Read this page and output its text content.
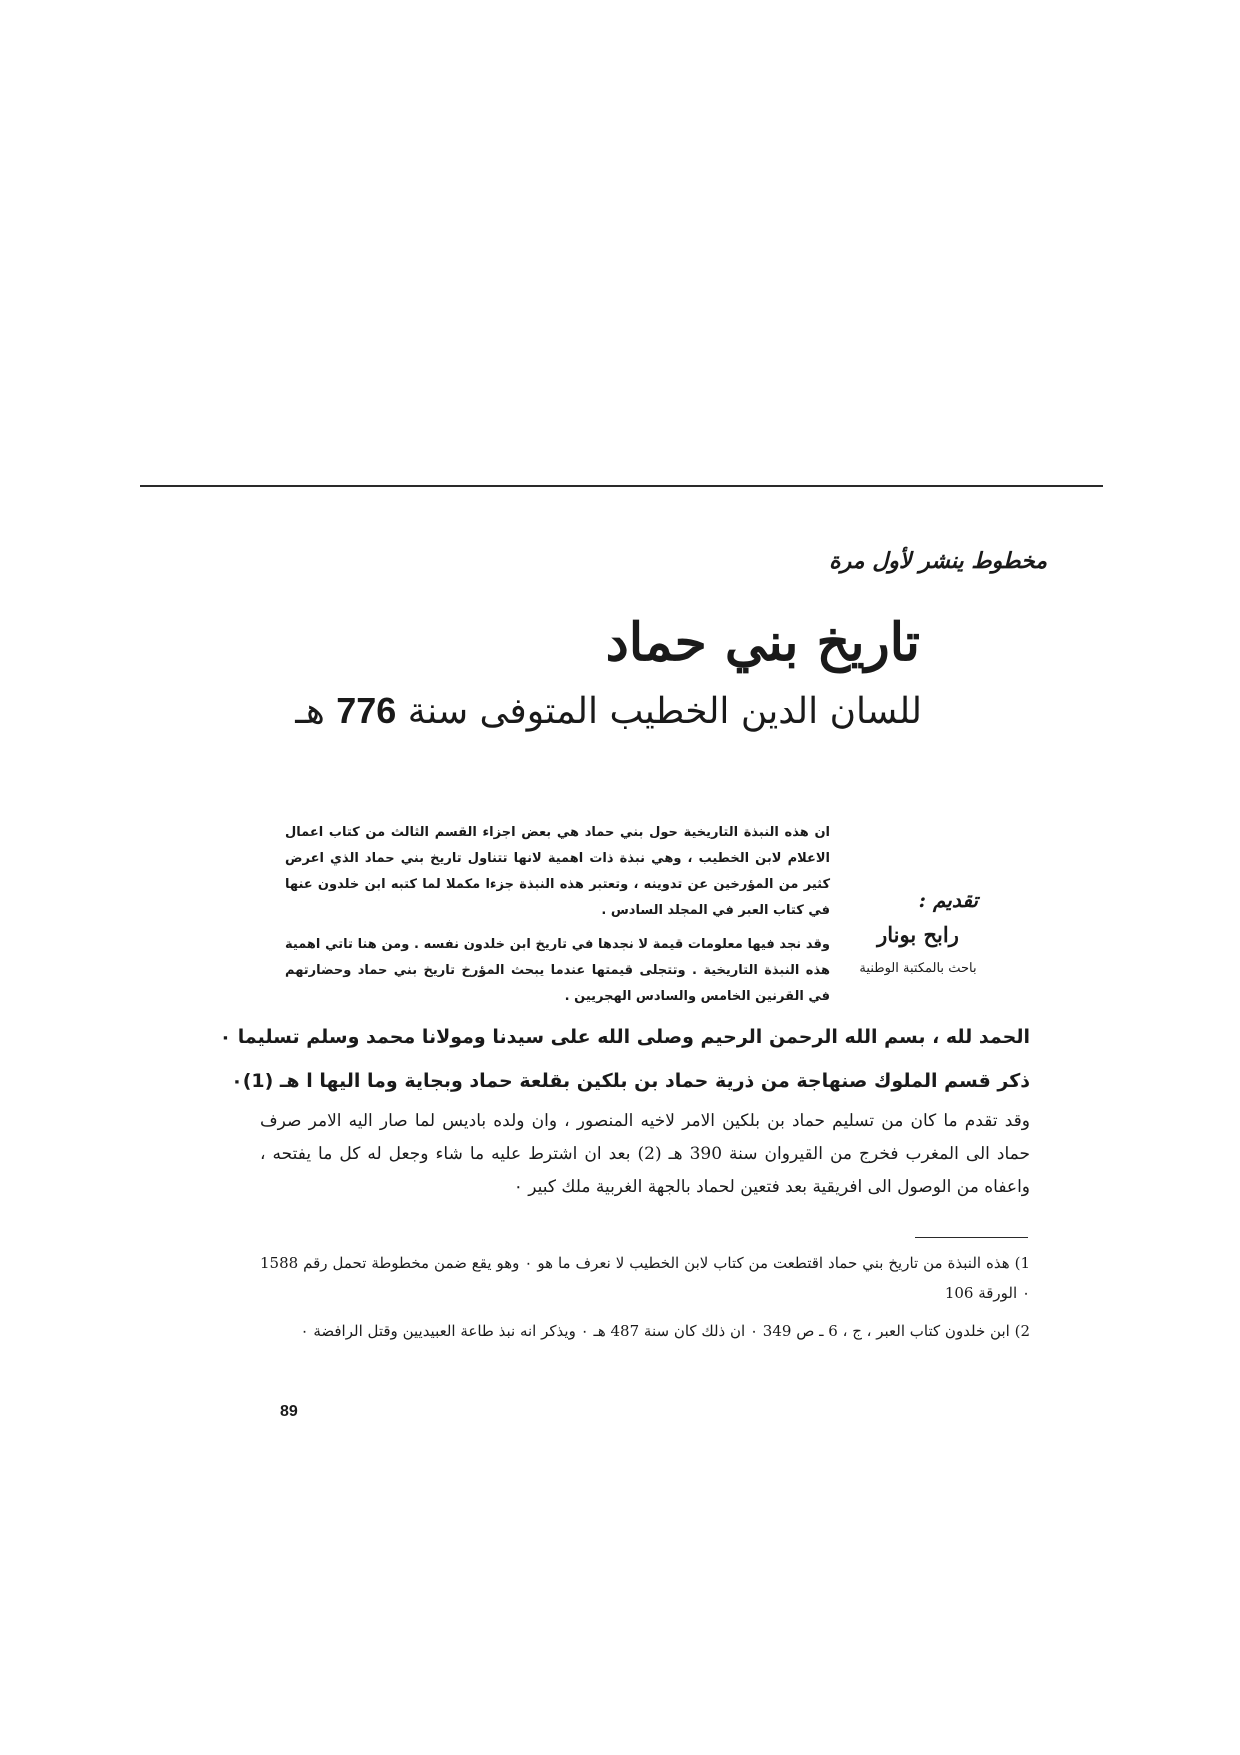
مخطوط ينشر لأول مرة
تاريخ بني حماد
للسان الدين الخطيب المتوفى سنة 776 هـ
تقديم :
رابح بونار
باحث بالمكتبة الوطنية

ان هذه النبذة التاريخية حول بني حماد هي بعض اجزاء القسم الثالث من كتاب اعمال الاعلام لابن الخطيب ، وهي نبذة ذات اهمية لانها تتناول تاريخ بني حماد الذي اعرض كثير من المؤرخين عن تدوينه ، وتعتبر هذه النبذة جزءا مكملا لما كتبه ابن خلدون عنها في كتاب العبر في المجلد السادس .

وقد نجد فيها معلومات قيمة لا نجدها في تاريخ ابن خلدون نفسه . ومن هنا تاتي اهمية هذه النبذة التاريخية . وتتجلى قيمتها عندما يبحث المؤرخ تاريخ بني حماد وحضارتهم في القرنين الخامس والسادس الهجريين .

الحمد لله ، بسم الله الرحمن الرحيم وصلى الله على سيدنا ومولانا محمد وسلم تسليما ٠
ذكر قسم الملوك صنهاجة من ذرية حماد بن بلكين بقلعة حماد وبجاية وما اليها ا هـ (1)٠
وقد تقدم ما كان من تسليم حماد بن بلكين الامر لاخيه المنصور ، وان ولده باديس لما صار اليه الامر صرف حماد الى المغرب فخرج من القيروان سنة 390 هـ (2) بعد ان اشترط عليه ما شاء وجعل له كل ما يفتحه ، واعفاه من الوصول الى افريقية بعد فتعين لحماد بالجهة الغربية ملك كبير ٠

1) هذه النبذة من تاريخ بني حماد اقتطعت من كتاب لابن الخطيب لا نعرف ما هو ٠ وهو يقع ضمن مخطوطة تحمل رقم 1588 ٠ الورقة 106

2) ابن خلدون كتاب العبر ، ج ، 6 ـ ص 349 ٠ ان ذلك كان سنة 487 هـ ٠ ويذكر انه نبذ طاعة العبيديين وقتل الرافضة ٠

89
